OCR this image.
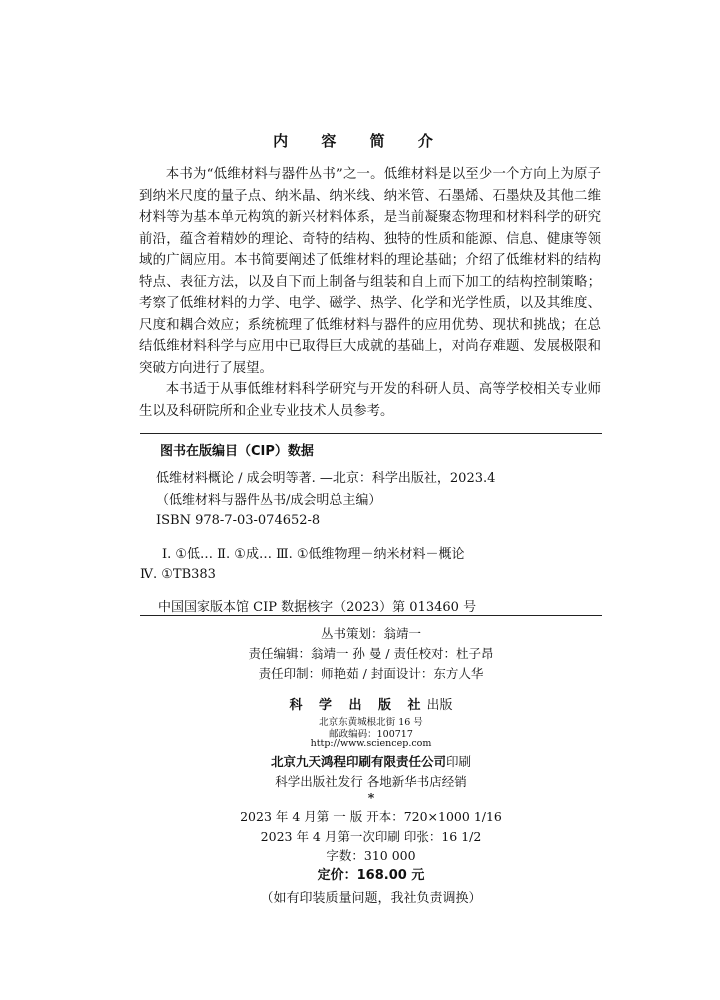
内 容 简 介

本书为“低维材料与器件丛书”之一。低维材料是以至少一个方向上为原子到纳米尺度的量子点、纳米晶、纳米线、纳米管、石墨烯、石墨炔及其他二维材料等为基本单元构筑的新兴材料体系，是当前凝聚态物理和材料科学的研究前沿，蕴含着精妙的理论、奇特的结构、独特的性质和能源、信息、健康等领域的广阔应用。本书简要阐述了低维材料的理论基础；介绍了低维材料的结构特点、表征方法，以及自下而上制备与组装和自上而下加工的结构控制策略；考察了低维材料的力学、电学、磁学、热学、化学和光学性质，以及其维度、尺度和耦合效应；系统梳理了低维材料与器件的应用优势、现状和挑战；在总结低维材料科学与应用中已取得巨大成就的基础上，对尚存难题、发展极限和突破方向进行了展望。

本书适于从事低维材料科学研究与开发的科研人员、高等学校相关专业师生以及科研院所和企业专业技术人员参考。

图书在版编目（CIP）数据
低维材料概论 / 成会明等著. —北京：科学出版社，2023.4
（低维材料与器件丛书/成会明总主编）
ISBN 978-7-03-074652-8
Ⅰ. ①低… Ⅱ. ①成… Ⅲ. ①低维物理－纳米材料－概论
Ⅳ. ①TB383
中国国家版本馆 CIP 数据核字（2023）第 013460 号
丛书策划：翁靖一
责任编辑：翁靖一 孙 曼 / 责任校对：杜子昂
责任印制：师艳茹 / 封面设计：东方人华
科 学 出 版 社出版
北京东黄城根北街 16 号
邮政编码：100717
http://www.sciencep.com
北京九天鸿程印刷有限责任公司印刷
科学出版社发行 各地新华书店经销
*
2023 年 4 月第 一 版 开本：720×1000 1/16
2023 年 4 月第一次印刷 印张：16 1/2
字数：310 000
定价：168.00 元
（如有印装质量问题，我社负责调换）
